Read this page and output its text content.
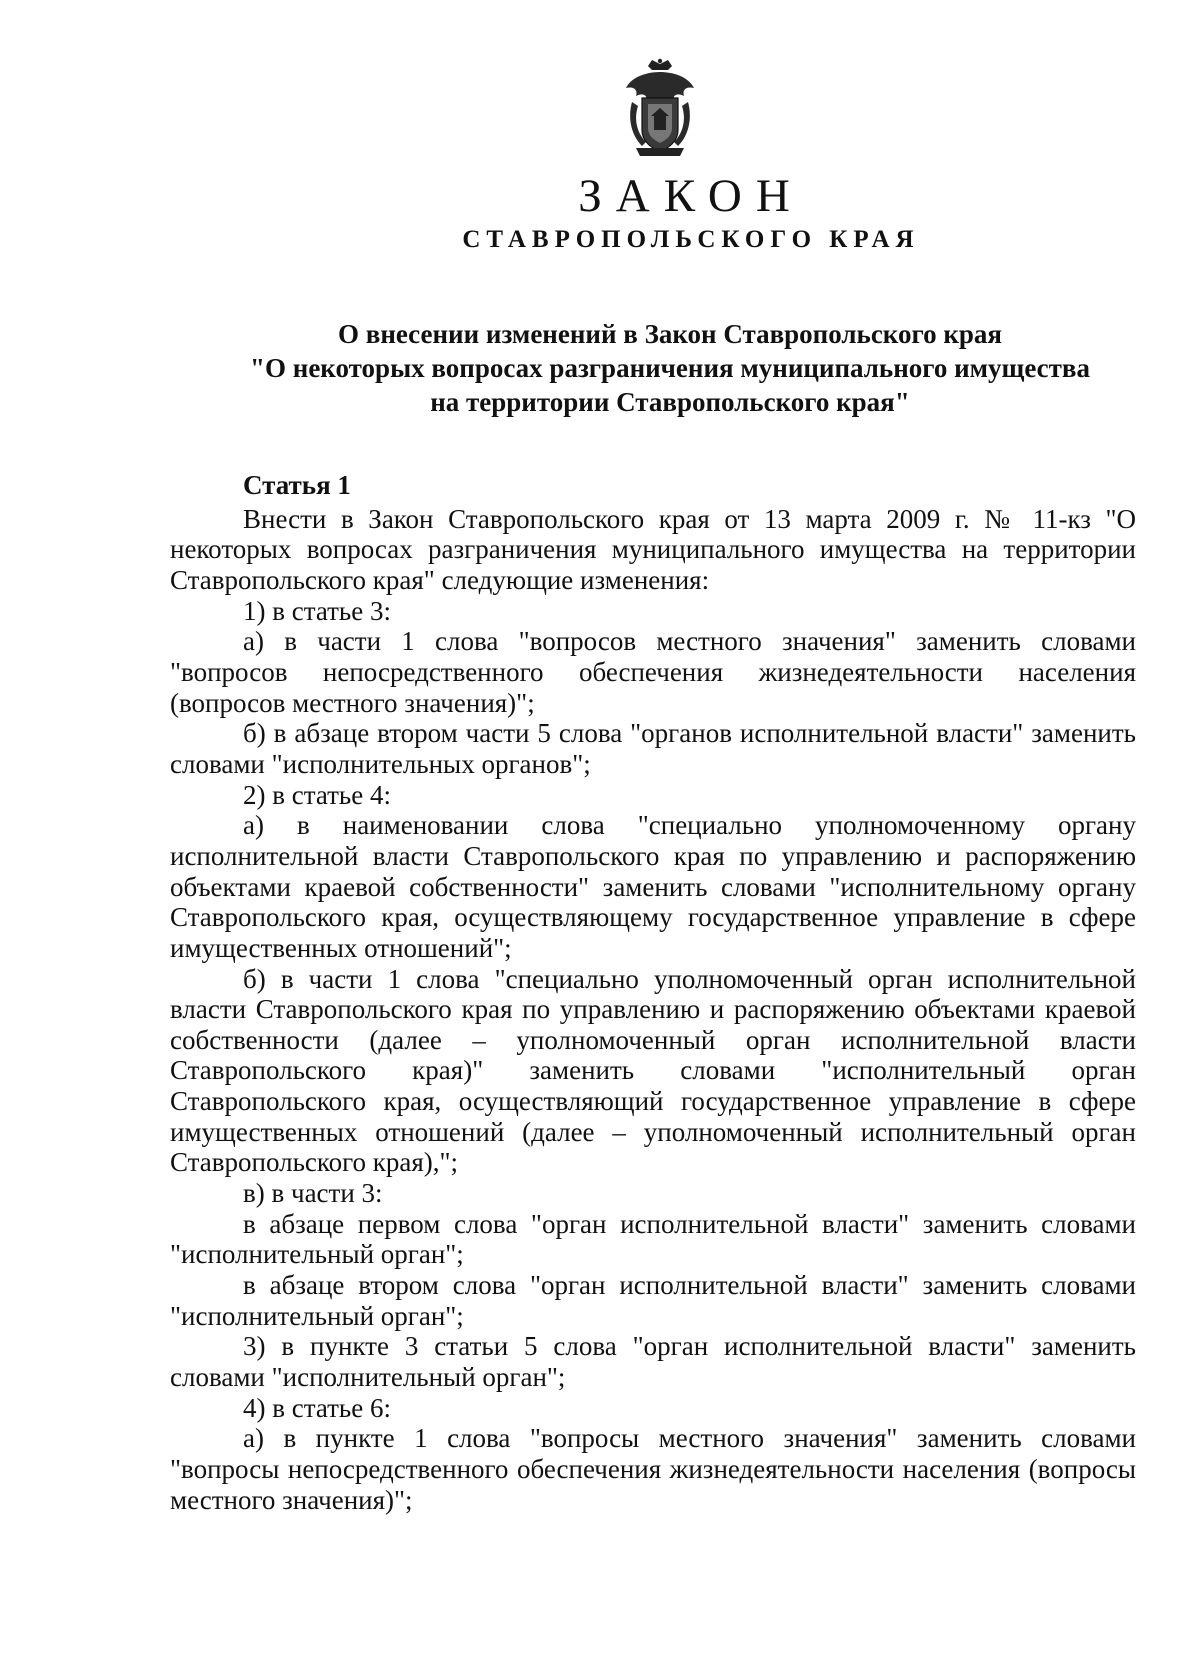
ЗАКОН
СТАВРОПОЛЬСКОГО КРАЯ
О внесении изменений в Закон Ставропольского края
"О некоторых вопросах разграничения муниципального имущества
на территории Ставропольского края"
Статья 1

Внести в Закон Ставропольского края от 13 марта 2009 г. № 11-кз "О некоторых вопросах разграничения муниципального имущества на территории Ставропольского края" следующие изменения:

1) в статье 3:

а) в части 1 слова "вопросов местного значения" заменить словами "вопросов непосредственного обеспечения жизнедеятельности населения (вопросов местного значения)";

б) в абзаце втором части 5 слова "органов исполнительной власти" заменить словами "исполнительных органов";

2) в статье 4:

а) в наименовании слова "специально уполномоченному органу исполнительной власти Ставропольского края по управлению и распоряжению объектами краевой собственности" заменить словами "исполнительному органу Ставропольского края, осуществляющему государственное управление в сфере имущественных отношений";

б) в части 1 слова "специально уполномоченный орган исполнительной власти Ставропольского края по управлению и распоряжению объектами краевой собственности (далее – уполномоченный орган исполнительной власти Ставропольского края)" заменить словами "исполнительный орган Ставропольского края, осуществляющий государственное управление в сфере имущественных отношений (далее – уполномоченный исполнительный орган Ставропольского края),";

в) в части 3:

в абзаце первом слова "орган исполнительной власти" заменить словами "исполнительный орган";

в абзаце втором слова "орган исполнительной власти" заменить словами "исполнительный орган";

3) в пункте 3 статьи 5 слова "орган исполнительной власти" заменить словами "исполнительный орган";

4) в статье 6:

а) в пункте 1 слова "вопросы местного значения" заменить словами "вопросы непосредственного обеспечения жизнедеятельности населения (вопросы местного значения)";
